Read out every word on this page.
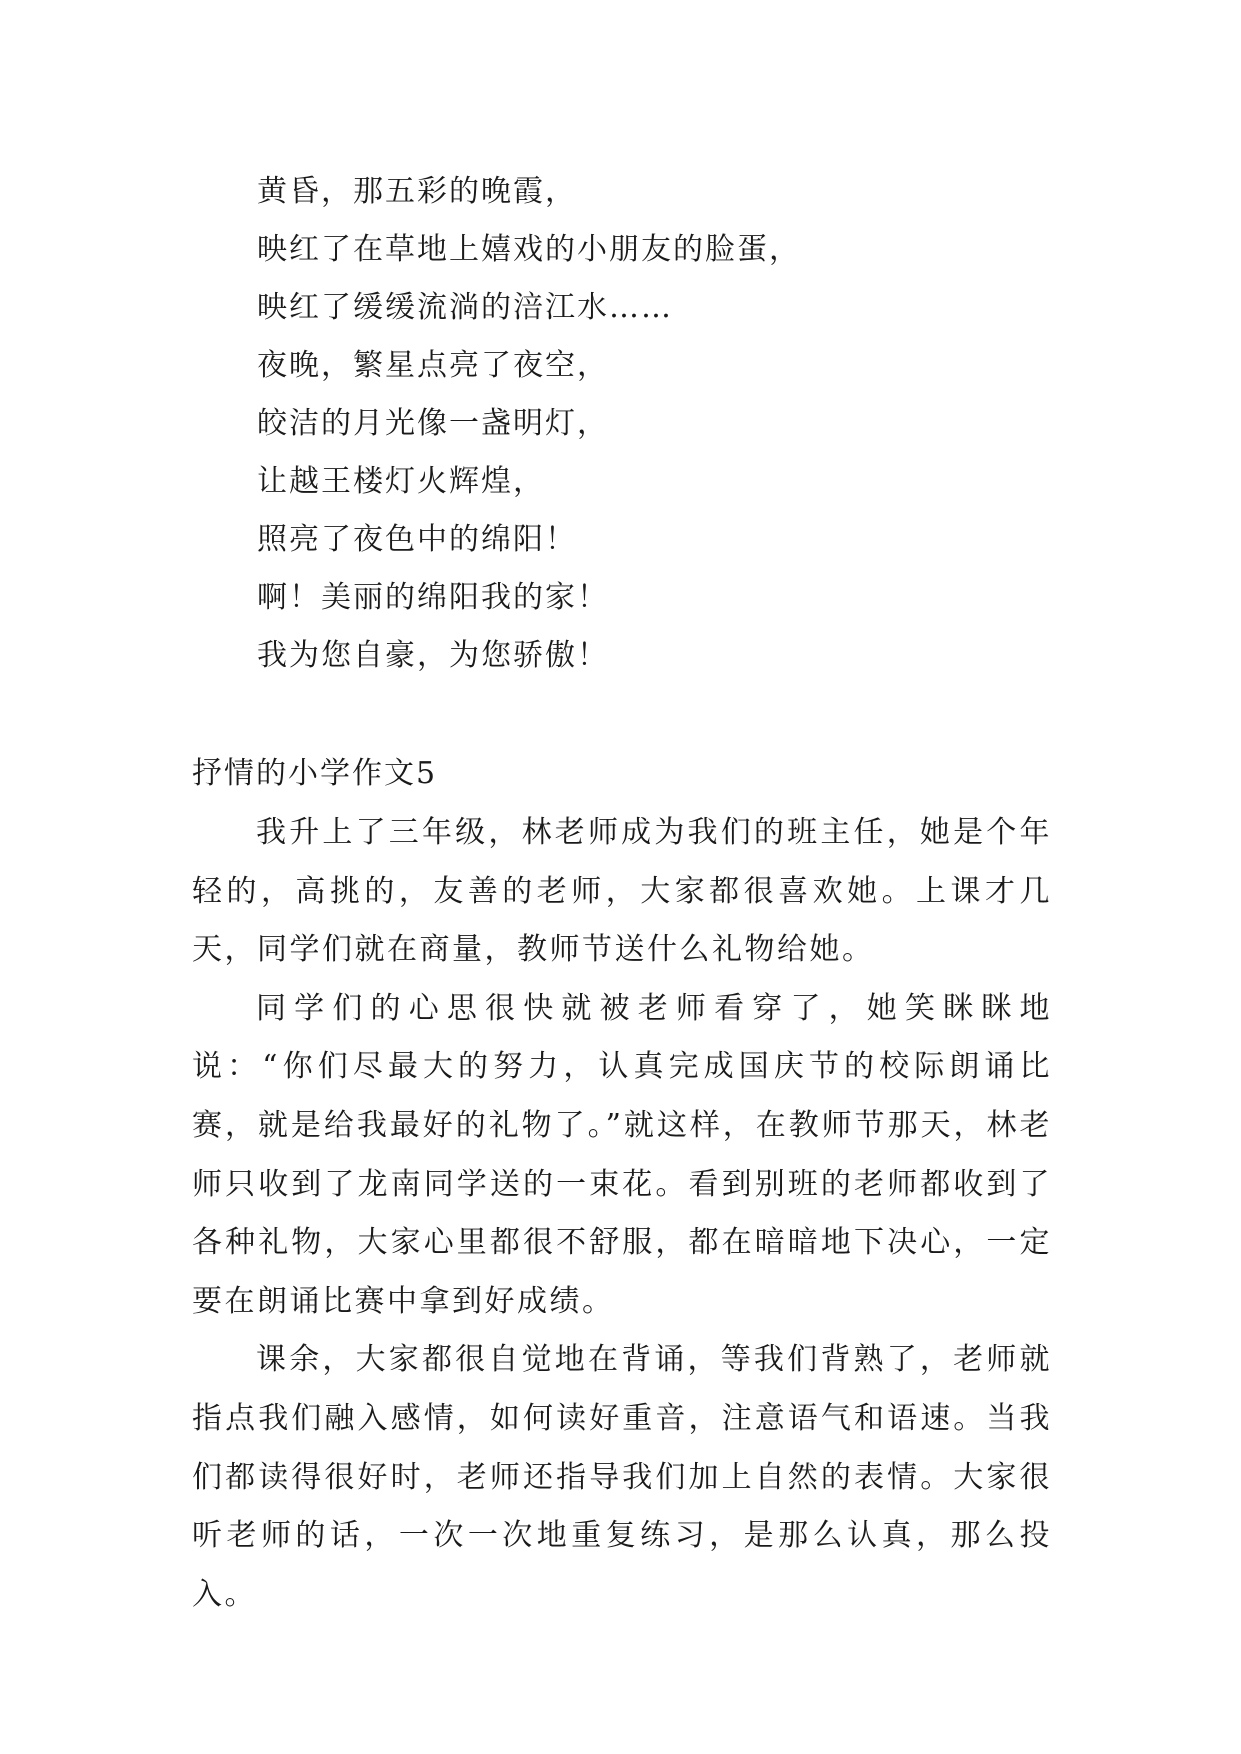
黄昏，那五彩的晚霞，
映红了在草地上嬉戏的小朋友的脸蛋，
映红了缓缓流淌的涪江水……
夜晚，繁星点亮了夜空，
皎洁的月光像一盏明灯，
让越王楼灯火辉煌，
照亮了夜色中的绵阳！
啊！美丽的绵阳我的家！
我为您自豪，为您骄傲！
抒情的小学作文5

我升上了三年级，林老师成为我们的班主任，她是个年轻的，高挑的，友善的老师，大家都很喜欢她。上课才几天，同学们就在商量，教师节送什么礼物给她。

同学们的心思很快就被老师看穿了，她笑眯眯地说：“你们尽最大的努力，认真完成国庆节的校际朗诵比赛，就是给我最好的礼物了。”就这样，在教师节那天，林老师只收到了龙南同学送的一束花。看到别班的老师都收到了各种礼物，大家心里都很不舒服，都在暗暗地下决心，一定要在朗诵比赛中拿到好成绩。

课余，大家都很自觉地在背诵，等我们背熟了，老师就指点我们融入感情，如何读好重音，注意语气和语速。当我们都读得很好时，老师还指导我们加上自然的表情。大家很听老师的话，一次一次地重复练习，是那么认真，那么投入。
